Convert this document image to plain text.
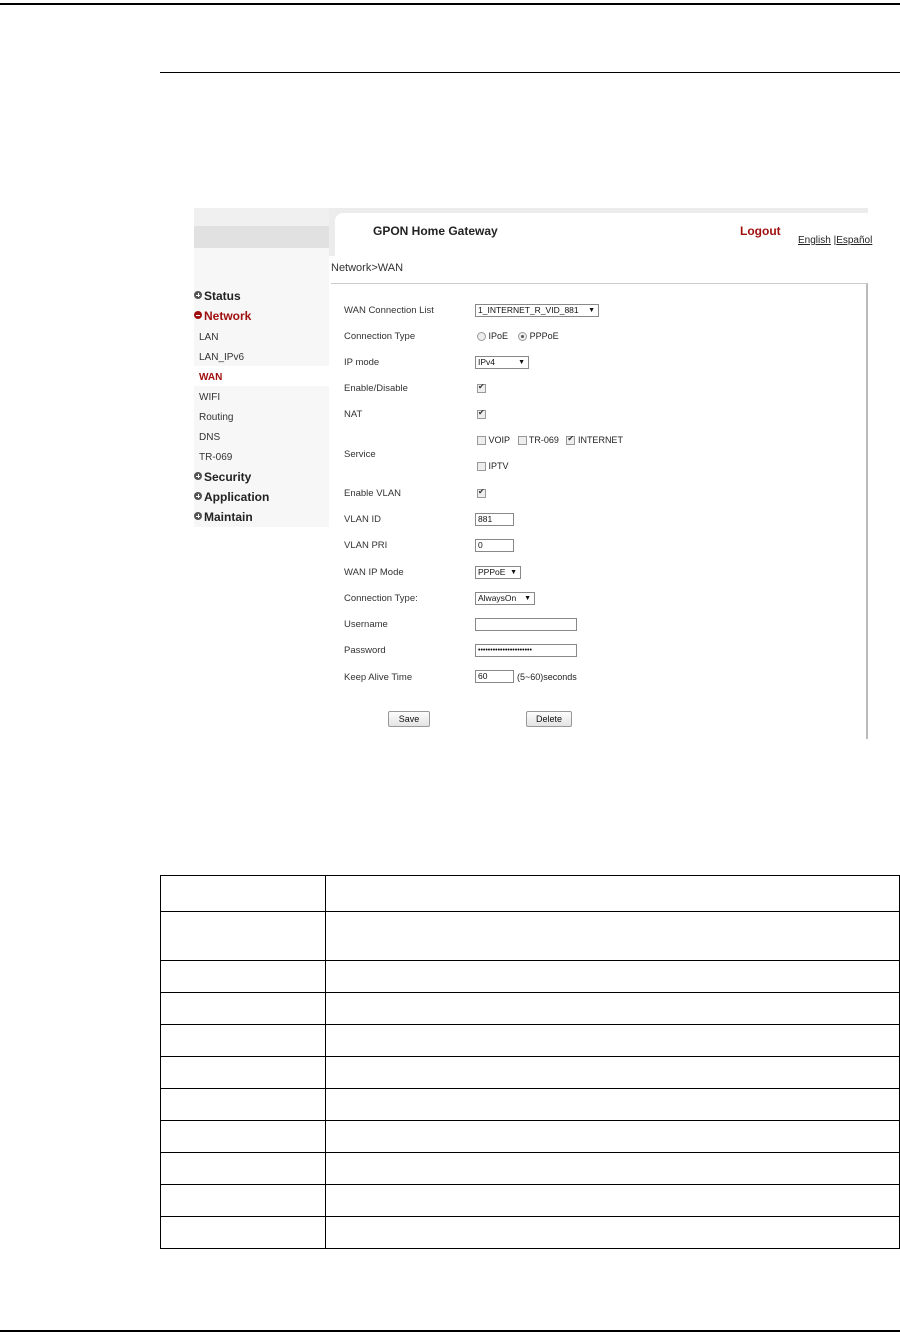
GPON Home Gateway	Logout
English |Español
Network>WAN
Status
Network
LAN
LAN_IPv6
WAN
WIFI
Routing
DNS
TR-069
Security
Application
Maintain
WAN Connection List	1_INTERNET_R_VID_881 ▼
Connection Type	IPoE PPPoE
IP mode	IPv4	▼
Enable/Disable
✔
NAT
✔
Service
VOIP TR-069   ✔ INTERNET
IPTV
Enable VLAN
✔
VLAN ID	881
VLAN PRI	0
WAN IP Mode	PPPoE ▼
Connection Type:	AlwaysOn ▼
Username
Password	••••••••••••••••••••••
Keep Alive Time	60	(5~60)seconds
Save	Delete
